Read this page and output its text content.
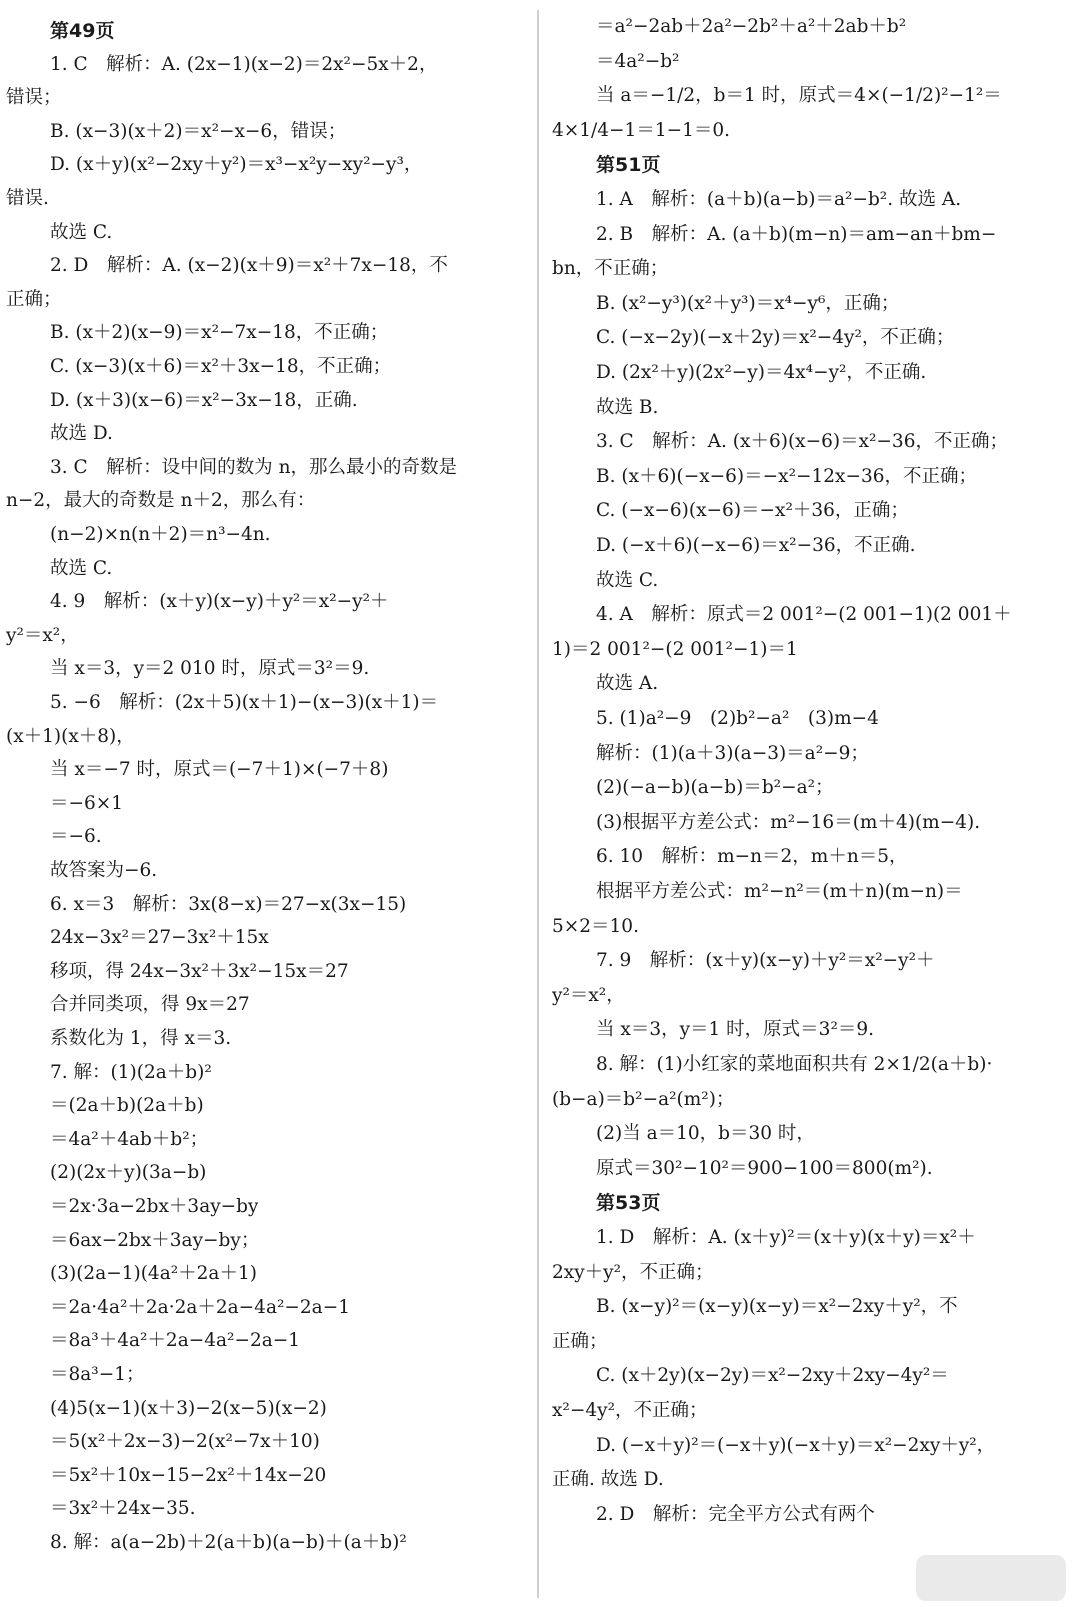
第49页
1. C　解析：A. (2x−1)(x−2)＝2x²−5x＋2，
错误；
B. (x−3)(x＋2)＝x²−x−6，错误；
D. (x＋y)(x²−2xy＋y²)＝x³−x²y−xy²−y³，
错误.
故选 C.
2. D　解析：A. (x−2)(x＋9)＝x²＋7x−18，不
正确；
B. (x＋2)(x−9)＝x²−7x−18，不正确；
C. (x−3)(x＋6)＝x²＋3x−18，不正确；
D. (x＋3)(x−6)＝x²−3x−18，正确.
故选 D.
3. C　解析：设中间的数为 n，那么最小的奇数是
n−2，最大的奇数是 n＋2，那么有：
(n−2)×n(n＋2)＝n³−4n.
故选 C.
4. 9　解析：(x＋y)(x−y)＋y²＝x²−y²＋
y²＝x²，
当 x＝3，y＝2 010 时，原式＝3²＝9.
5. −6　解析：(2x＋5)(x＋1)−(x−3)(x＋1)＝
(x＋1)(x＋8)，
当 x＝−7 时，原式＝(−7＋1)×(−7＋8)
＝−6×1
＝−6.
故答案为−6.
6. x＝3　解析：3x(8−x)＝27−x(3x−15)
24x−3x²＝27−3x²＋15x
移项，得 24x−3x²＋3x²−15x＝27
合并同类项，得 9x＝27
系数化为 1，得 x＝3.
7. 解：(1)(2a＋b)²
＝(2a＋b)(2a＋b)
＝4a²＋4ab＋b²；
(2)(2x＋y)(3a−b)
＝2x·3a−2bx＋3ay−by
＝6ax−2bx＋3ay−by；
(3)(2a−1)(4a²＋2a＋1)
＝2a·4a²＋2a·2a＋2a−4a²−2a−1
＝8a³＋4a²＋2a−4a²−2a−1
＝8a³−1；
(4)5(x−1)(x＋3)−2(x−5)(x−2)
＝5(x²＋2x−3)−2(x²−7x＋10)
＝5x²＋10x−15−2x²＋14x−20
＝3x²＋24x−35.
8. 解：a(a−2b)＋2(a＋b)(a−b)＋(a＋b)²
＝a²−2ab＋2a²−2b²＋a²＋2ab＋b²
＝4a²−b²
当 a＝−1/2，b＝1 时，原式＝4×(−1/2)²−1²＝
4×1/4−1＝1−1＝0.
第51页
1. A　解析：(a＋b)(a−b)＝a²−b². 故选 A.
2. B　解析：A. (a＋b)(m−n)＝am−an＋bm−
bn，不正确；
B. (x²−y³)(x²＋y³)＝x⁴−y⁶，正确；
C. (−x−2y)(−x＋2y)＝x²−4y²，不正确；
D. (2x²＋y)(2x²−y)＝4x⁴−y²，不正确.
故选 B.
3. C　解析：A. (x＋6)(x−6)＝x²−36，不正确；
B. (x＋6)(−x−6)＝−x²−12x−36，不正确；
C. (−x−6)(x−6)＝−x²＋36，正确；
D. (−x＋6)(−x−6)＝x²−36，不正确.
故选 C.
4. A　解析：原式＝2 001²−(2 001−1)(2 001＋
1)＝2 001²−(2 001²−1)＝1
故选 A.
5. (1)a²−9　(2)b²−a²　(3)m−4
解析：(1)(a＋3)(a−3)＝a²−9；
(2)(−a−b)(a−b)＝b²−a²；
(3)根据平方差公式：m²−16＝(m＋4)(m−4).
6. 10　解析：m−n＝2，m＋n＝5，
根据平方差公式：m²−n²＝(m＋n)(m−n)＝
5×2＝10.
7. 9　解析：(x＋y)(x−y)＋y²＝x²−y²＋
y²＝x²，
当 x＝3，y＝1 时，原式＝3²＝9.
8. 解：(1)小红家的菜地面积共有 2×1/2(a＋b)·
(b−a)＝b²−a²(m²)；
(2)当 a＝10，b＝30 时，
原式＝30²−10²＝900−100＝800(m²).
第53页
1. D　解析：A. (x＋y)²＝(x＋y)(x＋y)＝x²＋
2xy＋y²，不正确；
B. (x−y)²＝(x−y)(x−y)＝x²−2xy＋y²，不
正确；
C. (x＋2y)(x−2y)＝x²−2xy＋2xy−4y²＝
x²−4y²，不正确；
D. (−x＋y)²＝(−x＋y)(−x＋y)＝x²−2xy＋y²，
正确. 故选 D.
2. D　解析：完全平方公式有两个
